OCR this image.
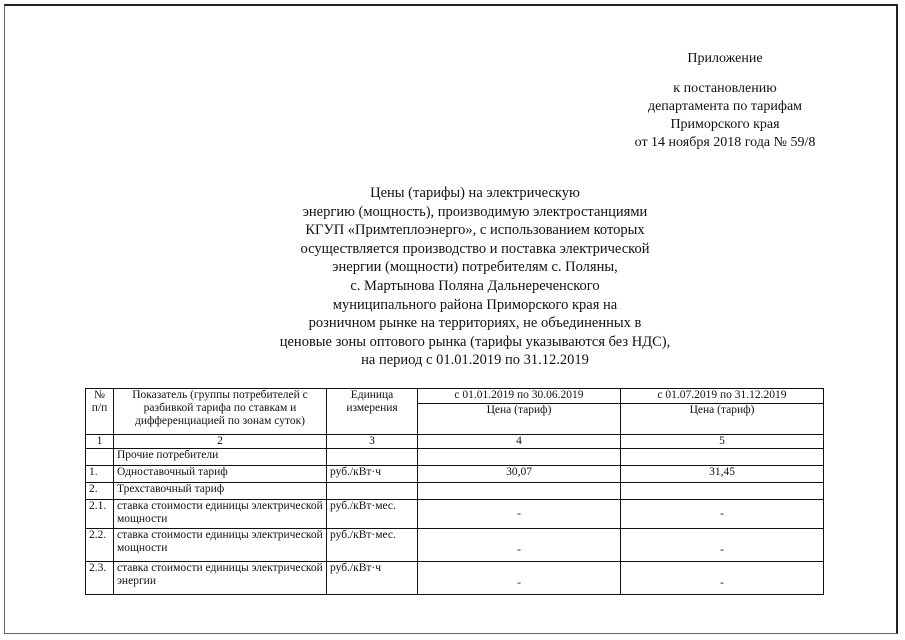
Приложение
к постановлению
департамента по тарифам
Приморского края
от 14 ноября 2018 года № 59/8
Цены (тарифы) на электрическую
энергию (мощность), производимую электростанциями
КГУП «Примтеплоэнерго», с использованием которых
осуществляется производство и поставка электрической
энергии (мощности) потребителям с. Поляны,
с. Мартынова Поляна Дальнереченского
муниципального района Приморского края на
розничном рынке на территориях, не объединенных в
ценовые зоны оптового рынка (тарифы указываются без НДС),
на период с 01.01.2019 по 31.12.2019
№ п/п	Показатель (группы потребителей с разбивкой тарифа по ставкам и дифференциацией по зонам суток)	Единица измерения	с 01.01.2019 по 30.06.2019	с 01.07.2019 по 31.12.2019
			Цена (тариф)	Цена (тариф)
1	2	3	4	5
	Прочие потребители			
1.	Одноставочный тариф	руб./кВт·ч	30,07	31,45
2.	Трехставочный тариф			
2.1.	ставка стоимости единицы электрической мощности	руб./кВт·мес.	-	-
2.2.	ставка стоимости единицы электрической мощности	руб./кВт·мес.	-	-
2.3.	ставка стоимости единицы электрической энергии	руб./кВт·ч	-	-
